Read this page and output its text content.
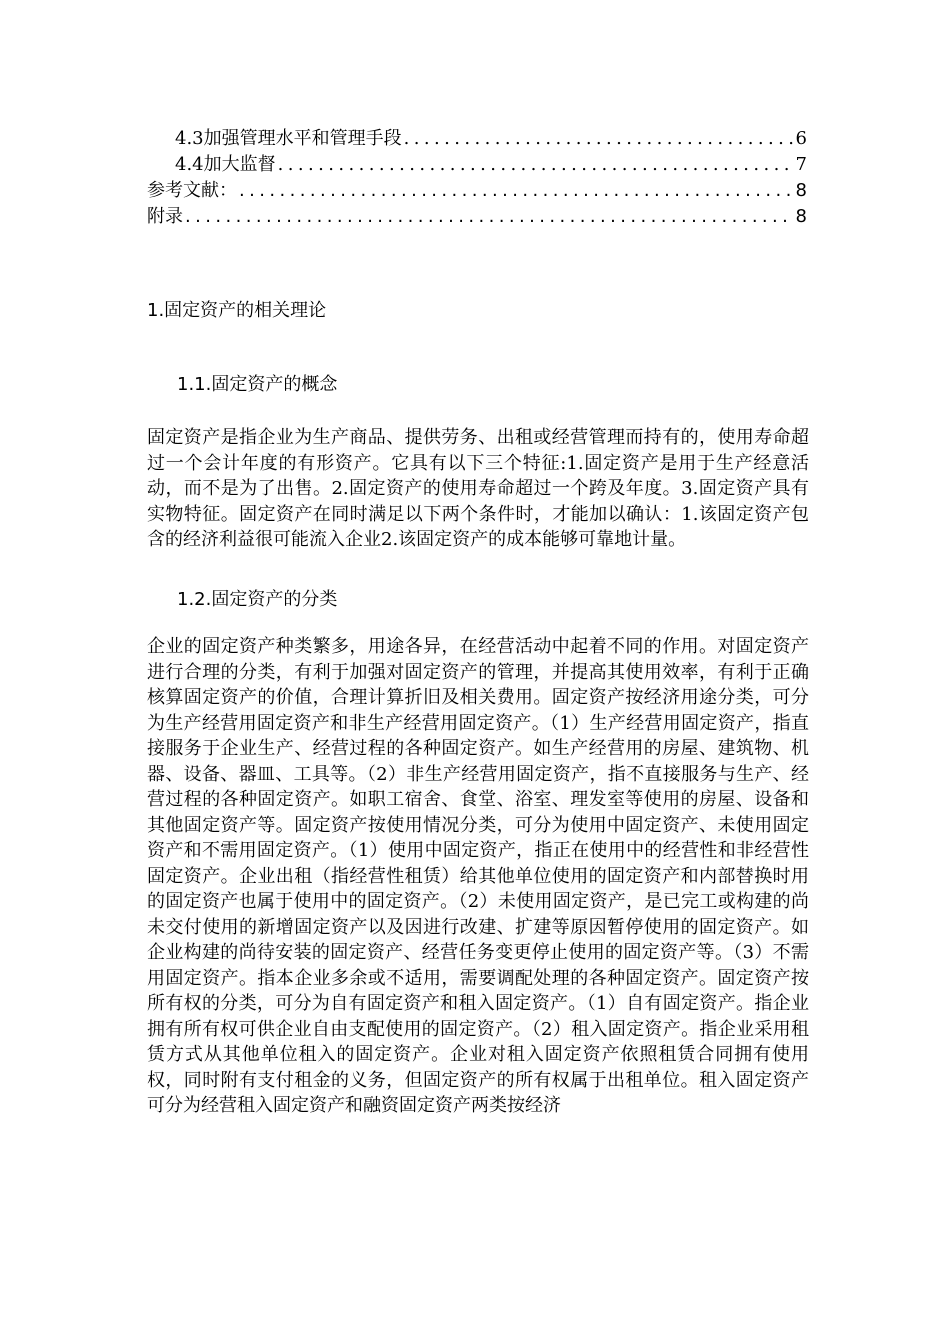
4.3加强管理水平和管理手段 .....	6
4.4加大监督 .....	7
参考文献： .....	8
附录 .....	8
1.固定资产的相关理论
1.1.固定资产的概念
固定资产是指企业为生产商品、提供劳务、出租或经营管理而持有的，使用寿命超过一个会计年度的有形资产。它具有以下三个特征:1.固定资产是用于生产经意活动，而不是为了出售。2.固定资产的使用寿命超过一个跨及年度。3.固定资产具有实物特征。固定资产在同时满足以下两个条件时，才能加以确认：1.该固定资产包含的经济利益很可能流入企业2.该固定资产的成本能够可靠地计量。
1.2.固定资产的分类
企业的固定资产种类繁多，用途各异，在经营活动中起着不同的作用。对固定资产进行合理的分类，有利于加强对固定资产的管理，并提高其使用效率，有利于正确核算固定资产的价值，合理计算折旧及相关费用。固定资产按经济用途分类，可分为生产经营用固定资产和非生产经营用固定资产。（1）生产经营用固定资产，指直接服务于企业生产、经营过程的各种固定资产。如生产经营用的房屋、建筑物、机器、设备、器皿、工具等。（2）非生产经营用固定资产，指不直接服务与生产、经营过程的各种固定资产。如职工宿舍、食堂、浴室、理发室等使用的房屋、设备和其他固定资产等。固定资产按使用情况分类，可分为使用中固定资产、未使用固定资产和不需用固定资产。（1）使用中固定资产，指正在使用中的经营性和非经营性固定资产。企业出租（指经营性租赁）给其他单位使用的固定资产和内部替换时用的固定资产也属于使用中的固定资产。（2）未使用固定资产，是已完工或构建的尚未交付使用的新增固定资产以及因进行改建、扩建等原因暂停使用的固定资产。如企业构建的尚待安装的固定资产、经营任务变更停止使用的固定资产等。（3）不需用固定资产。指本企业多余或不适用，需要调配处理的各种固定资产。固定资产按所有权的分类，可分为自有固定资产和租入固定资产。（1）自有固定资产。指企业拥有所有权可供企业自由支配使用的固定资产。（2）租入固定资产。指企业采用租赁方式从其他单位租入的固定资产。企业对租入固定资产依照租赁合同拥有使用权，同时附有支付租金的义务，但固定资产的所有权属于出租单位。租入固定资产可分为经营租入固定资产和融资固定资产两类按经济
